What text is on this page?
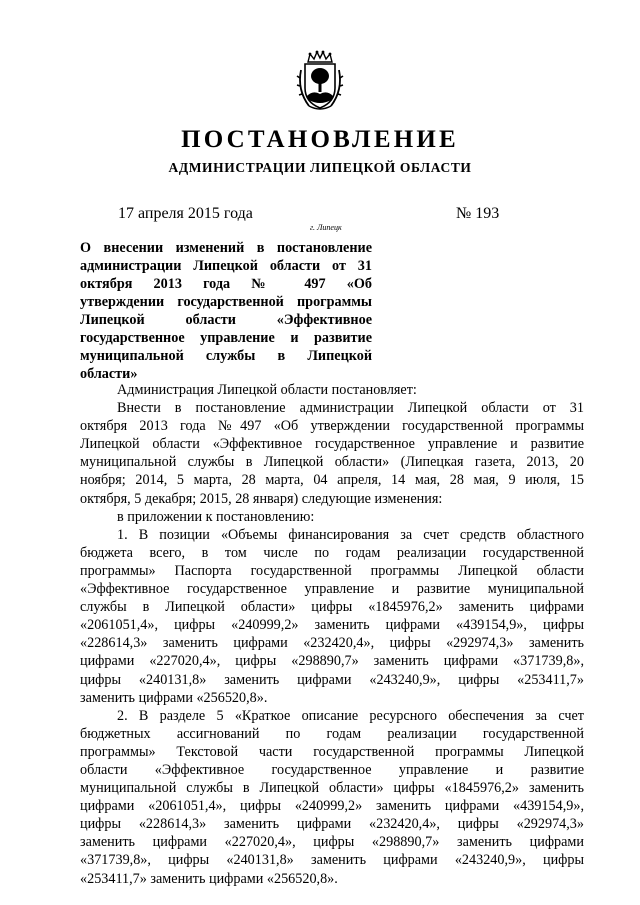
ПОСТАНОВЛЕНИЕ
АДМИНИСТРАЦИИ ЛИПЕЦКОЙ ОБЛАСТИ
17 апреля 2015 года
г. Липецк
№ 193
О внесении изменений в постановление
администрации Липецкой области от 31
октября 2013 года № 497 «Об
утверждении государственной программы
Липецкой области «Эффективное
государственное управление и развитие
муниципальной службы в Липецкой
области»
Администрация Липецкой области постановляет:
Внести в постановление администрации Липецкой области от 31
октября 2013 года №497 «Об утверждении государственной программы
Липецкой области «Эффективное государственное управление и развитие
муниципальной службы в Липецкой области» (Липецкая газета, 2013, 20
ноября; 2014, 5 марта, 28 марта, 04 апреля, 14 мая, 28 мая, 9 июля, 15
октября, 5 декабря; 2015, 28 января) следующие изменения:
в приложении к постановлению:
1. В позиции «Объемы финансирования за счет средств областного
бюджета всего, в том числе по годам реализации государственной
программы» Паспорта государственной программы Липецкой области
«Эффективное государственное управление и развитие муниципальной
службы в Липецкой области» цифры «1845976,2» заменить цифрами
«2061051,4», цифры «240999,2» заменить цифрами «439154,9», цифры
«228614,3» заменить цифрами «232420,4», цифры «292974,3» заменить
цифрами «227020,4», цифры «298890,7» заменить цифрами «371739,8»,
цифры «240131,8» заменить цифрами «243240,9», цифры «253411,7»
заменить цифрами «256520,8».
2. В разделе 5 «Краткое описание ресурсного обеспечения за счет
бюджетных ассигнований по годам реализации государственной
программы» Текстовой части государственной программы Липецкой
области «Эффективное государственное управление и развитие
муниципальной службы в Липецкой области» цифры «1845976,2» заменить
цифрами «2061051,4», цифры «240999,2» заменить цифрами «439154,9»,
цифры «228614,3» заменить цифрами «232420,4», цифры «292974,3»
заменить цифрами «227020,4», цифры «298890,7» заменить цифрами
«371739,8», цифры «240131,8» заменить цифрами «243240,9», цифры
«253411,7» заменить цифрами «256520,8».
